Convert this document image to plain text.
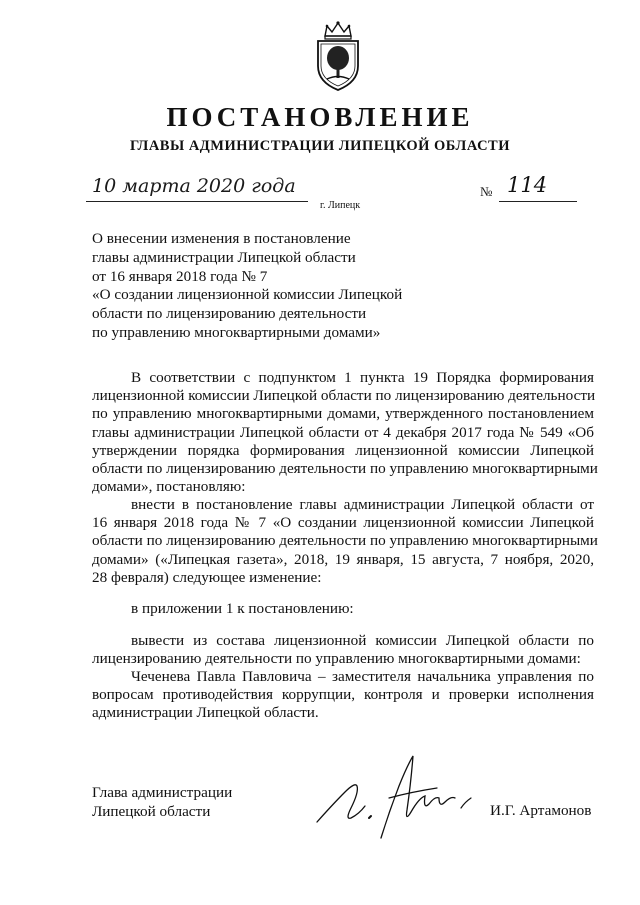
ПОСТАНОВЛЕНИЕ
ГЛАВЫ АДМИНИСТРАЦИИ ЛИПЕЦКОЙ ОБЛАСТИ
10 марта 2020 года
г. Липецк
№ 114
О внесении изменения в постановление
главы администрации Липецкой области
от 16 января 2018 года № 7
«О создании лицензионной комиссии Липецкой
области по лицензированию деятельности
по управлению многоквартирными домами»
В соответствии с подпунктом 1 пункта 19 Порядка формирования
лицензионной комиссии Липецкой области по лицензированию деятельности
по управлению многоквартирными домами, утвержденного постановлением
главы администрации Липецкой области от 4 декабря 2017 года № 549 «Об
утверждении порядка формирования лицензионной комиссии Липецкой
области по лицензированию деятельности по управлению многоквартирными
домами», постановляю:
внести в постановление главы администрации Липецкой области от
16 января 2018 года № 7 «О создании лицензионной комиссии Липецкой
области по лицензированию деятельности по управлению многоквартирными
домами» («Липецкая газета», 2018, 19 января, 15 августа, 7 ноября, 2020,
28 февраля) следующее изменение:
в приложении 1 к постановлению:
вывести из состава лицензионной комиссии Липецкой области по
лицензированию деятельности по управлению многоквартирными домами:
Чеченева Павла Павловича – заместителя начальника управления по
вопросам противодействия коррупции, контроля и проверки исполнения
администрации Липецкой области.
Глава администрации
Липецкой области	И.Г. Артамонов
